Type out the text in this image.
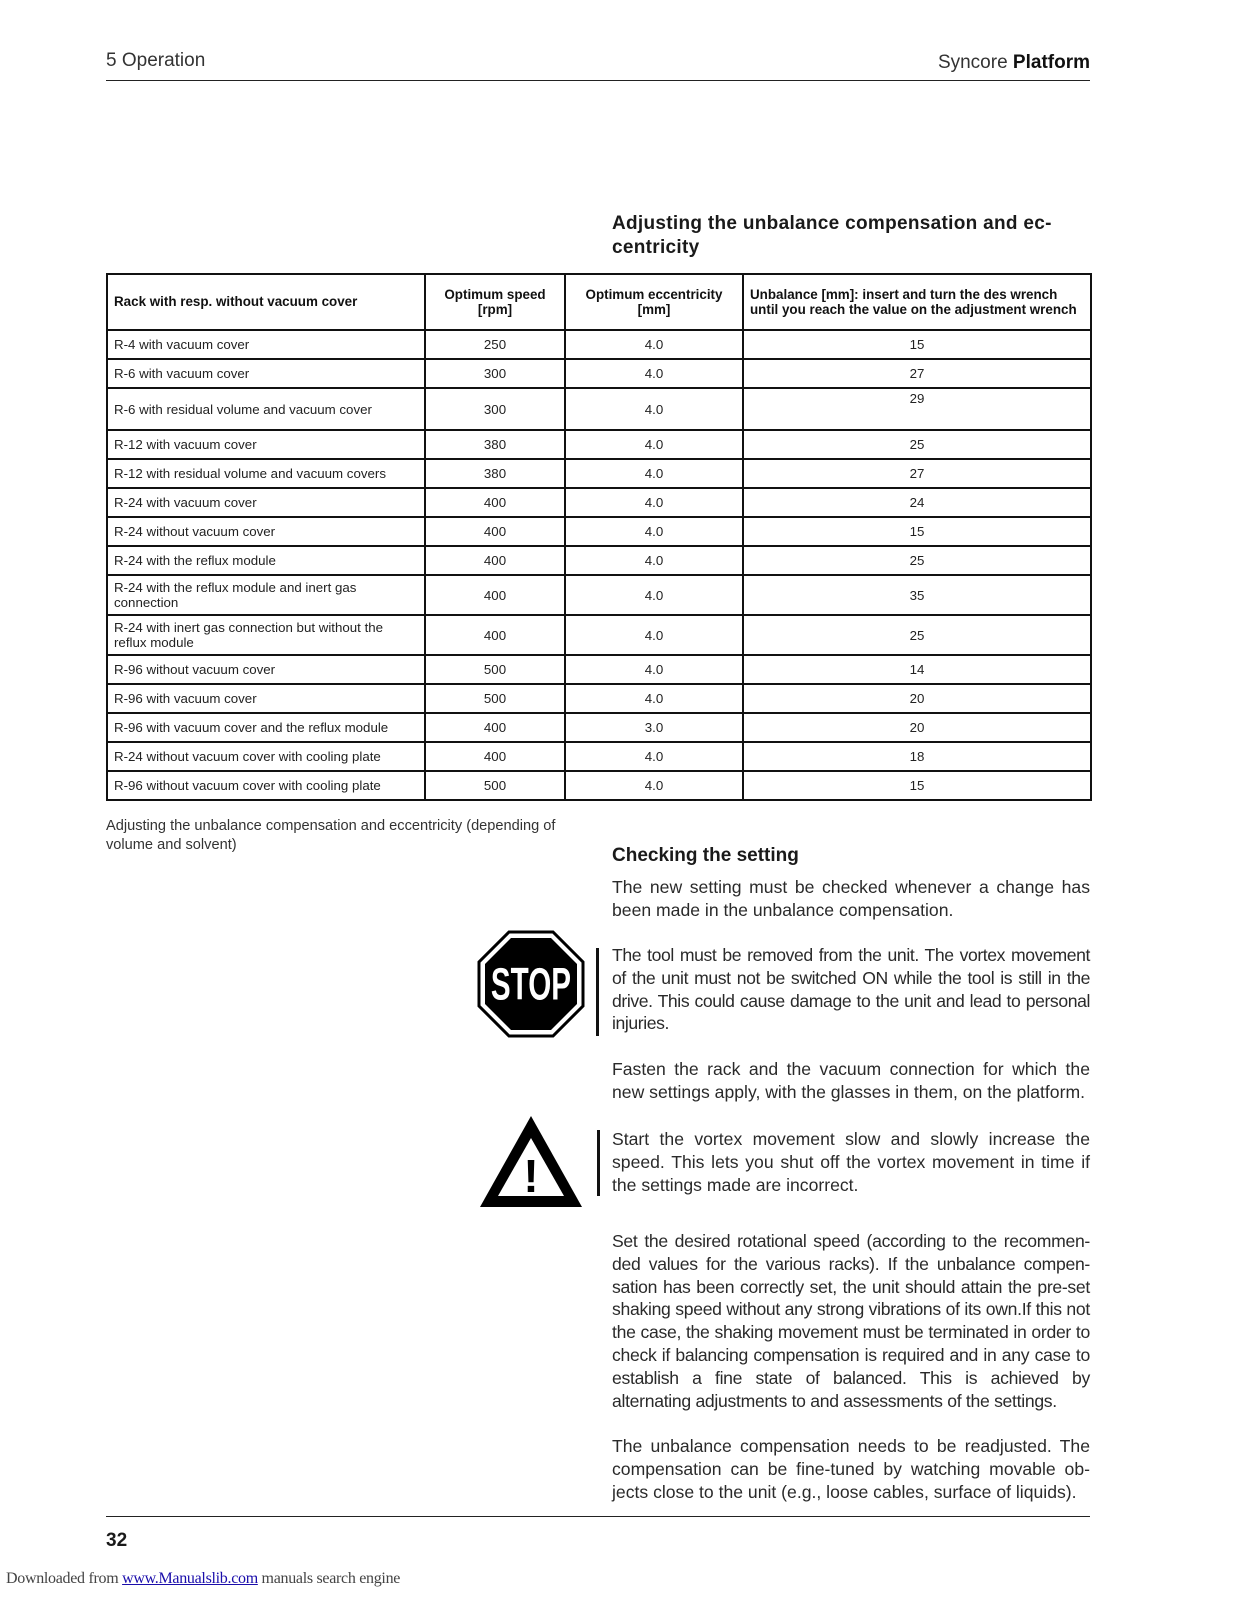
5 Operation	Syncore Platform
Adjusting the unbalance compensation and ec-
centricity
Rack with resp. without vacuum cover	Optimum speed [rpm]	Optimum eccentricity [mm]	Unbalance [mm]: insert and turn the des wrench until you reach the value on the adjustment wrench
R-4 with vacuum cover	250	4.0	15
R-6 with vacuum cover	300	4.0	27
R-6 with residual volume and vacuum cover	300	4.0	29
R-12 with vacuum cover	380	4.0	25
R-12 with residual volume and vacuum covers	380	4.0	27
R-24 with vacuum cover	400	4.0	24
R-24 without vacuum cover	400	4.0	15
R-24 with the reflux module	400	4.0	25
R-24 with the reflux module and inert gas connection	400	4.0	35
R-24 with inert gas connection but without the reflux module	400	4.0	25
R-96 without vacuum cover	500	4.0	14
R-96 with vacuum cover	500	4.0	20
R-96 with vacuum cover and the reflux module	400	3.0	20
R-24 without vacuum cover with cooling plate	400	4.0	18
R-96 without vacuum cover with cooling plate	500	4.0	15
Adjusting the unbalance compensation and eccentricity (depending of volume and solvent)	Checking the setting
The new setting must be checked whenever a change has been made in the unbalance compensation.
STOP
The tool must be removed from the unit. The vortex movement of the unit must not be switched ON while the tool is still in the drive. This could cause damage to the unit and lead to personal injuries.
Fasten the rack and the vacuum connection for which the new settings apply, with the glasses in them, on the platform.
!
Start the vortex movement slow and slowly increase the speed. This lets you shut off the vortex movement in time if the settings made are incorrect.
Set the desired rotational speed (according to the recommen-ded values for the various racks). If the unbalance compen-sation has been correctly set, the unit should attain the pre-set shaking speed without any strong vibrations of its own.If this not the case, the shaking movement must be terminated in order to check if balancing compensation is required and in any case to establish a fine state of balanced. This is achieved by alternating adjustments to and assessments of the settings.
The unbalance compensation needs to be readjusted. The compensation can be fine-tuned by watching movable ob-jects close to the unit (e.g., loose cables, surface of liquids).
32
Downloaded from www.Manualslib.com manuals search engine
